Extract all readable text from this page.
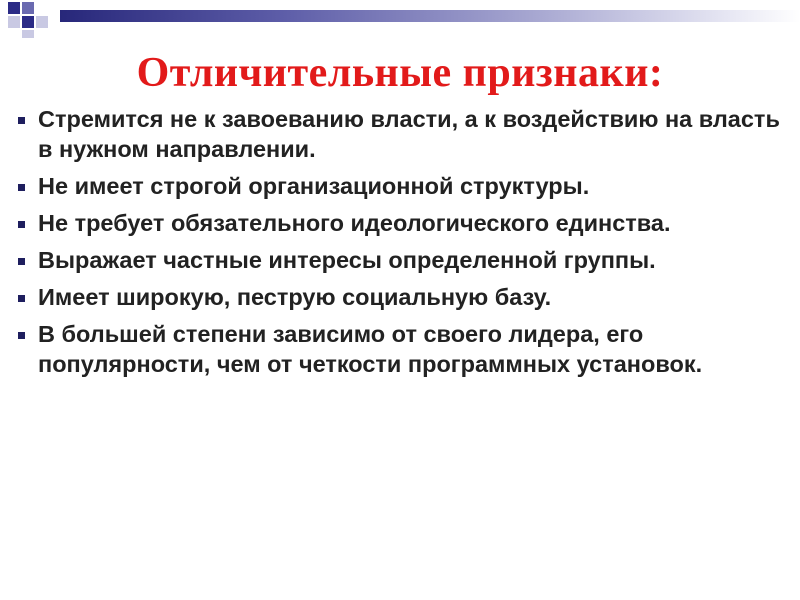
Отличительные признаки:
Стремится не к завоеванию власти, а к воздействию на власть в нужном направлении.
Не имеет строгой организационной структуры.
Не требует обязательного идеологического единства.
Выражает частные интересы определенной группы.
Имеет широкую, пеструю социальную базу.
В большей степени зависимо от своего лидера, его популярности, чем от четкости программных установок.
